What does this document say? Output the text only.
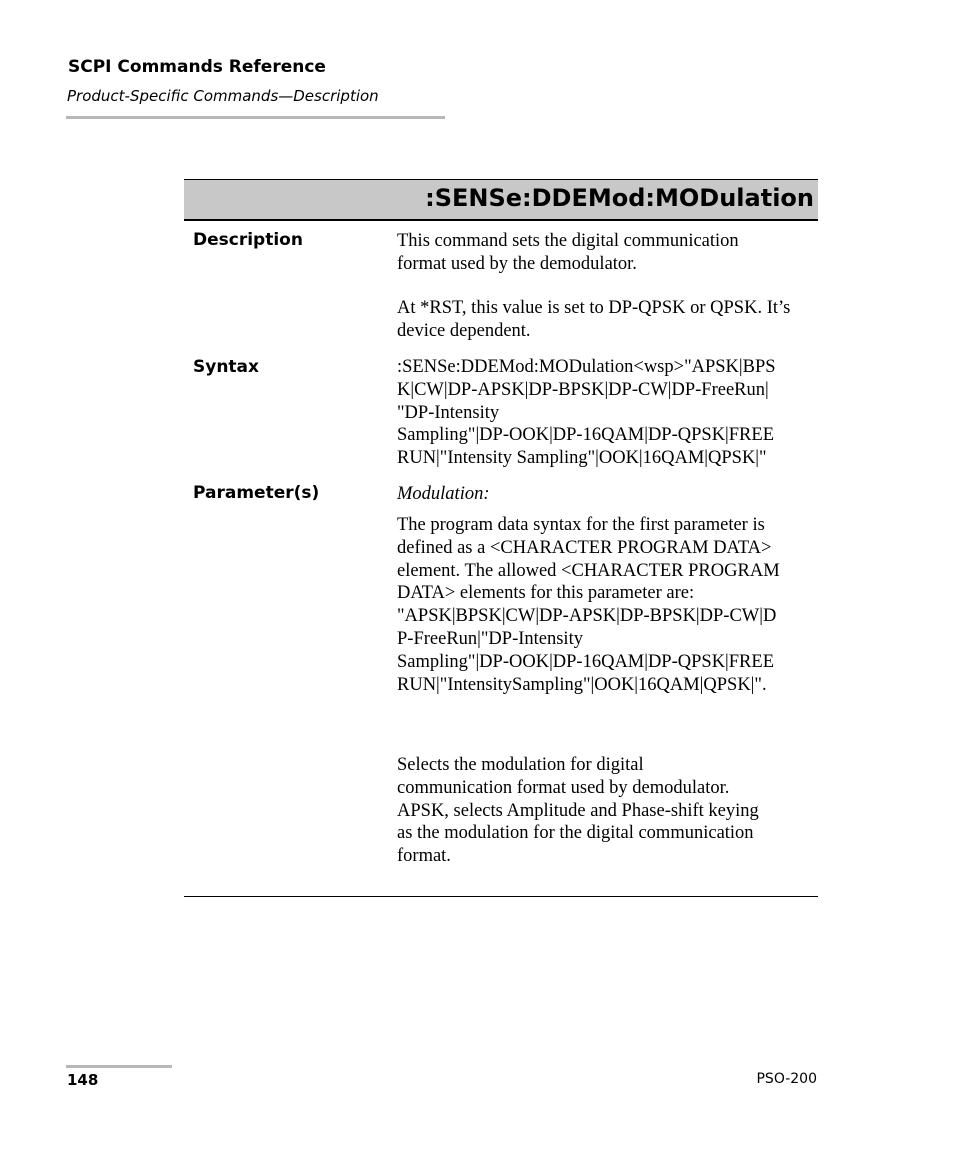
SCPI Commands Reference
Product-Specific Commands—Description
:SENSe:DDEMod:MODulation
Description	This command sets the digital communication
format used by the demodulator.
At *RST, this value is set to DP-QPSK or QPSK. It’s
device dependent.
Syntax	:SENSe:DDEMod:MODulation<wsp>"APSK|BPS
K|CW|DP-APSK|DP-BPSK|DP-CW|DP-FreeRun|
"DP-Intensity
Sampling"|DP-OOK|DP-16QAM|DP-QPSK|FREE
RUN|"Intensity Sampling"|OOK|16QAM|QPSK|"
Parameter(s)	Modulation:
The program data syntax for the first parameter is
defined as a <CHARACTER PROGRAM DATA>
element. The allowed <CHARACTER PROGRAM
DATA> elements for this parameter are:
"APSK|BPSK|CW|DP-APSK|DP-BPSK|DP-CW|D
P-FreeRun|"DP-Intensity
Sampling"|DP-OOK|DP-16QAM|DP-QPSK|FREE
RUN|"IntensitySampling"|OOK|16QAM|QPSK|".
Selects the modulation for digital
communication format used by demodulator.
APSK, selects Amplitude and Phase-shift keying
as the modulation for the digital communication
format.
148	PSO-200
